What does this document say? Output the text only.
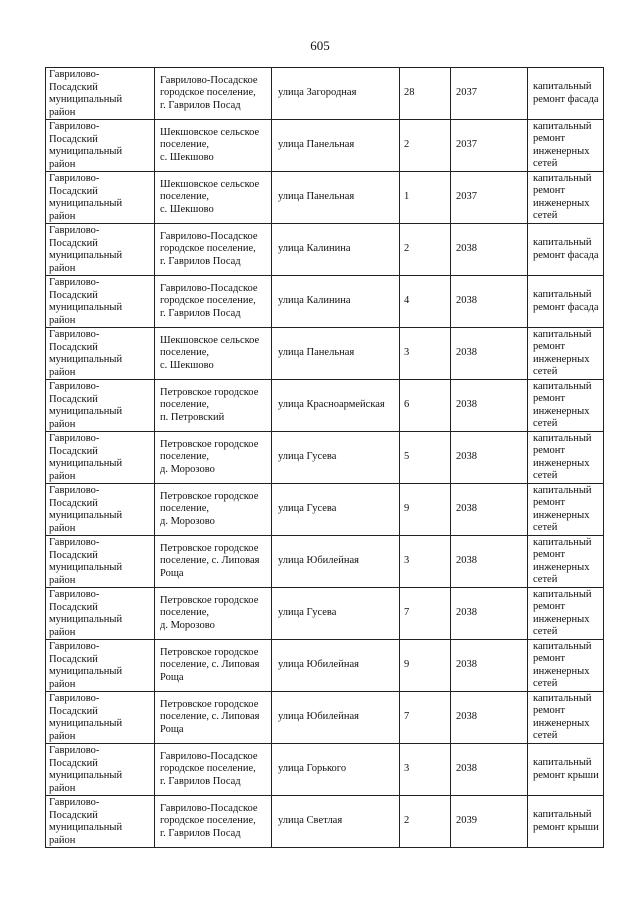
605
Гаврилово-
Посадский
муниципальный
район	Гаврилово-Посадское
городское поселение,
г. Гаврилов Посад	улица Загородная	28	2037	капитальный
ремонт фасада

Гаврилово-
Посадский
муниципальный
район	Шекшовское сельское
поселение,
с. Шекшово	улица Панельная	2	2037	капитальный
ремонт
инженерных
сетей

Гаврилово-
Посадский
муниципальный
район	Шекшовское сельское
поселение,
с. Шекшово	улица Панельная	1	2037	капитальный
ремонт
инженерных
сетей

Гаврилово-
Посадский
муниципальный
район	Гаврилово-Посадское
городское поселение,
г. Гаврилов Посад	улица Калинина	2	2038	капитальный
ремонт фасада

Гаврилово-
Посадский
муниципальный
район	Гаврилово-Посадское
городское поселение,
г. Гаврилов Посад	улица Калинина	4	2038	капитальный
ремонт фасада

Гаврилово-
Посадский
муниципальный
район	Шекшовское сельское
поселение,
с. Шекшово	улица Панельная	3	2038	капитальный
ремонт
инженерных
сетей

Гаврилово-
Посадский
муниципальный
район	Петровское городское
поселение,
п. Петровский	улица Красноармейская	6	2038	капитальный
ремонт
инженерных
сетей

Гаврилово-
Посадский
муниципальный
район	Петровское городское
поселение,
д. Морозово	улица Гусева	5	2038	капитальный
ремонт
инженерных
сетей

Гаврилово-
Посадский
муниципальный
район	Петровское городское
поселение,
д. Морозово	улица Гусева	9	2038	капитальный
ремонт
инженерных
сетей

Гаврилово-
Посадский
муниципальный
район	Петровское городское
поселение, с. Липовая
Роща	улица Юбилейная	3	2038	капитальный
ремонт
инженерных
сетей

Гаврилово-
Посадский
муниципальный
район	Петровское городское
поселение,
д. Морозово	улица Гусева	7	2038	капитальный
ремонт
инженерных
сетей

Гаврилово-
Посадский
муниципальный
район	Петровское городское
поселение, с. Липовая
Роща	улица Юбилейная	9	2038	капитальный
ремонт
инженерных
сетей

Гаврилово-
Посадский
муниципальный
район	Петровское городское
поселение, с. Липовая
Роща	улица Юбилейная	7	2038	капитальный
ремонт
инженерных
сетей

Гаврилово-
Посадский
муниципальный
район	Гаврилово-Посадское
городское поселение,
г. Гаврилов Посад	улица Горького	3	2038	капитальный
ремонт крыши

Гаврилово-
Посадский
муниципальный
район	Гаврилово-Посадское
городское поселение,
г. Гаврилов Посад	улица Светлая	2	2039	капитальный
ремонт крыши
